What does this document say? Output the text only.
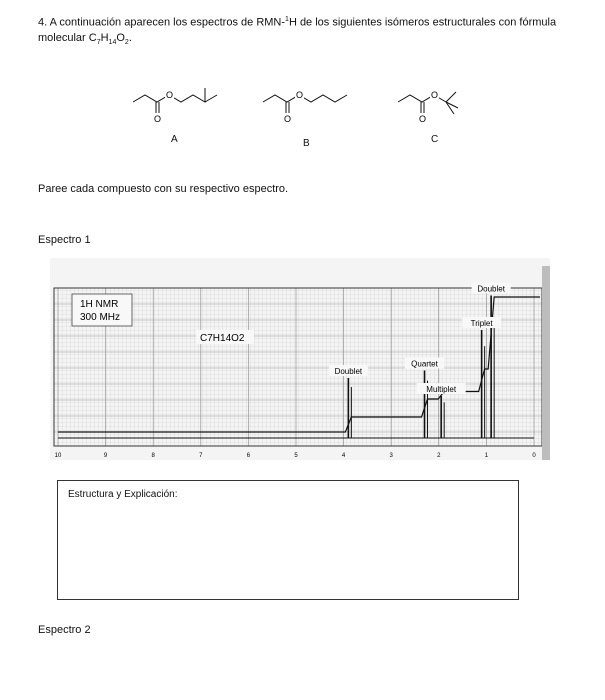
4. A continuación aparecen los espectros de RMN-$^1$H de los siguientes isómeros estructurales con fórmula molecular $C_7H_{14}O_2$.
O
O
A
O
O
B
O
O
C
Paree cada compuesto con su respectivo espectro.
Espectro 1
1H NMR
300 MHz
C7H14O2
10	9	8	7	6	5	4	3	2	1	0
Doublet
Quartet
Multiplet
Triplet
Doublet
Estructura y Explicación:
Espectro 2
